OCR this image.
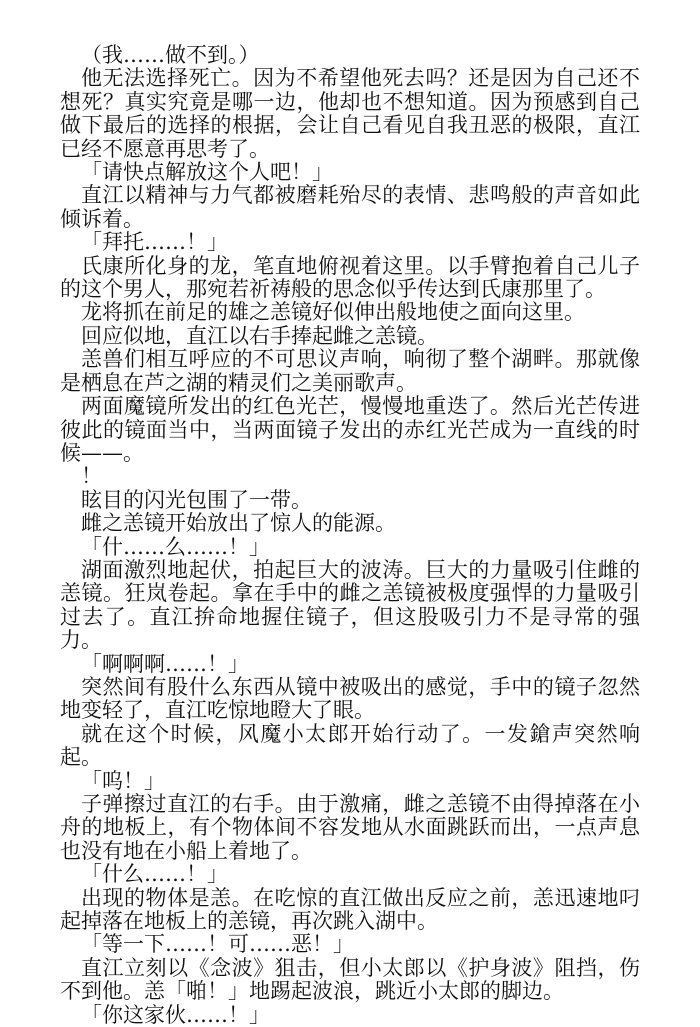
（我……做不到。）

他无法选择死亡。因为不希望他死去吗？还是因为自己还不想死？真实究竟是哪一边，他却也不想知道。因为预感到自己做下最后的选择的根据，会让自己看见自我丑恶的极限，直江已经不愿意再思考了。

「请快点解放这个人吧！」

直江以精神与力气都被磨耗殆尽的表情、悲鸣般的声音如此倾诉着。

「拜托……！」

氏康所化身的龙，笔直地俯视着这里。以手臂抱着自己儿子的这个男人，那宛若祈祷般的思念似乎传达到氏康那里了。

龙将抓在前足的雄之恙镜好似伸出般地使之面向这里。

回应似地，直江以右手捧起雌之恙镜。

恙兽们相互呼应的不可思议声响，响彻了整个湖畔。那就像是栖息在芦之湖的精灵们之美丽歌声。

两面魔镜所发出的红色光芒，慢慢地重迭了。然后光芒传进彼此的镜面当中，当两面镜子发出的赤红光芒成为一直线的时候——。

！

眩目的闪光包围了一带。

雌之恙镜开始放出了惊人的能源。

「什……么……！」

湖面激烈地起伏，拍起巨大的波涛。巨大的力量吸引住雌的恙镜。狂岚卷起。拿在手中的雌之恙镜被极度强悍的力量吸引过去了。直江拚命地握住镜子，但这股吸引力不是寻常的强力。

「啊啊啊……！」

突然间有股什么东西从镜中被吸出的感觉，手中的镜子忽然地变轻了，直江吃惊地瞪大了眼。

就在这个时候，风魔小太郎开始行动了。一发鎗声突然响起。

「呜！」

子弹擦过直江的右手。由于激痛，雌之恙镜不由得掉落在小舟的地板上，有个物体间不容发地从水面跳跃而出，一点声息也没有地在小船上着地了。

「什么……！」

出现的物体是恙。在吃惊的直江做出反应之前，恙迅速地叼起掉落在地板上的恙镜，再次跳入湖中。

「等一下……！可……恶！」

直江立刻以《念波》狙击，但小太郎以《护身波》阻挡，伤不到他。恙「啪！」地踢起波浪，跳近小太郎的脚边。

「你这家伙……！」
